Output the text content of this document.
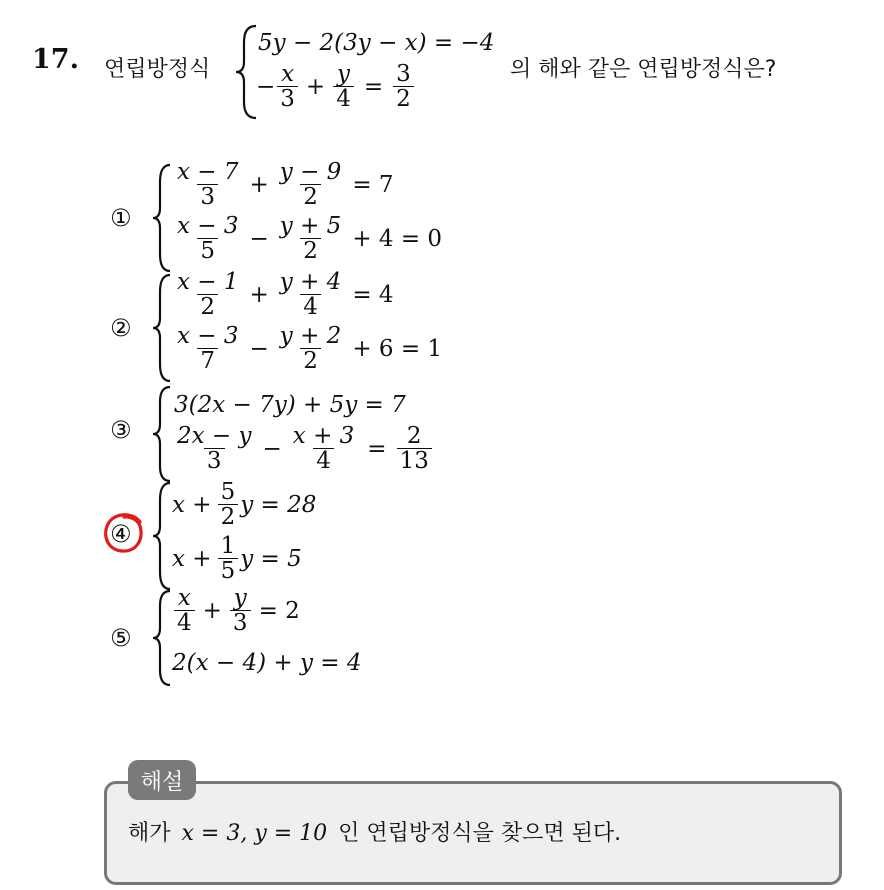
17. 연립방정식
5y − 2(3y − x) = −4
− $\frac{x}{3} + \frac{y}{4} = \frac{3}{2}$	의 해와 같은 연립방정식은?
①
$\frac{x - 7}{3} + \frac{y - 9}{2} = 7$
$\frac{x - 3}{5} - \frac{y + 5}{2} + 4 = 0$
②
$\frac{x - 1}{2} + \frac{y + 4}{4} = 4$
$\frac{x - 3}{7} - \frac{y + 2}{2} + 6 = 1$
③
3(2x − 7y) + 5y = 7
$\frac{2x - y}{3} - \frac{x + 3}{4} = \frac{2}{13}$
④
$x + \frac{5}{2}$ y = 28
$x + \frac{1}{5}$ y = 5
⑤
$\frac{x}{4} + \frac{y}{3} = 2$
2(x − 4) + y = 4
해설
해가 x = 3, y = 10 인 연립방정식을 찾으면 된다.
